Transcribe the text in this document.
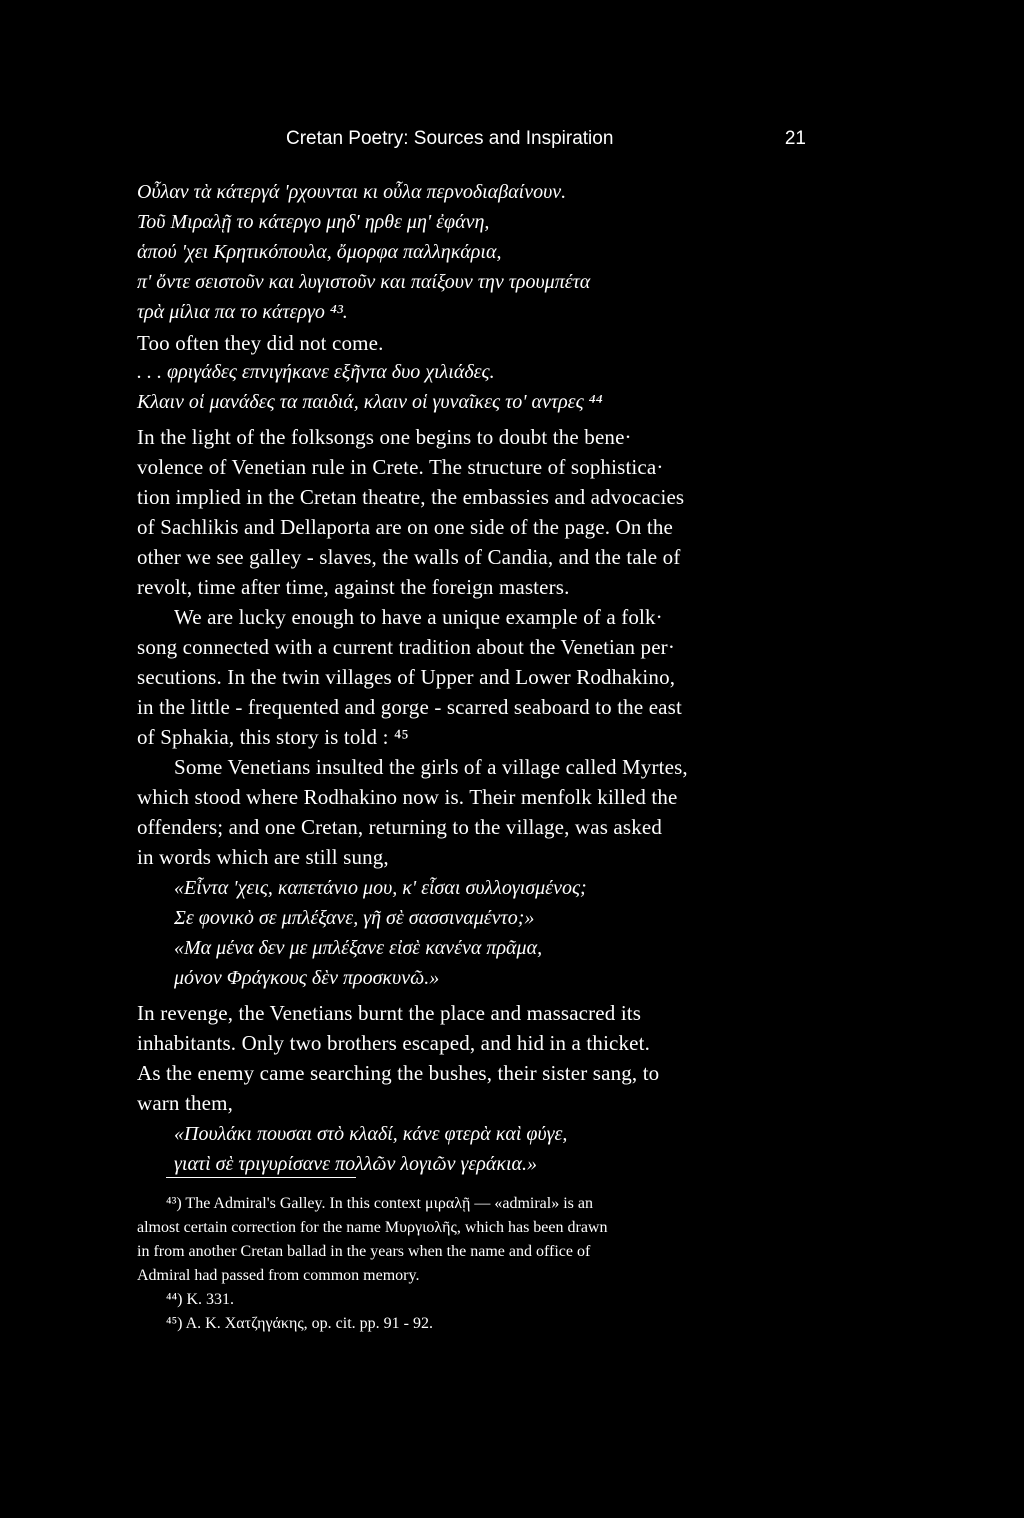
Cretan Poetry: Sources and Inspiration	21
Οὖλαν τὰ κάτεργά 'ρχουνται κι οὖλα περνοδιαβαίνουν.
Τοῦ Μιραλῇ το κάτεργο μηδ' ηρθε μη' ἐφάνη,
ἁπού 'χει Κρητικόπουλα, ὄμορφα παλληκάρια,
π' ὄντε σειστοῦν και λυγιστοῦν και παίξουν την τρουμπέτα
τρὰ μίλια πα το κάτεργο ⁴³.
Too often they did not come.
. . . φριγάδες επνιγήκανε εξῆντα δυο χιλιάδες.
Κλαιν οἱ μανάδες τα παιδιά, κλαιν οἱ γυναῖκες το' αντρες ⁴⁴
In the light of the folksongs one begins to doubt the bene·
volence of Venetian rule in Crete. The structure of sophistica·
tion implied in the Cretan theatre, the embassies and advocacies
of Sachlikis and Dellaporta are on one side of the page. On the
other we see galley - slaves, the walls of Candia, and the tale of
revolt, time after time, against the foreign masters.
We are lucky enough to have a unique example of a folk·
song connected with a current tradition about the Venetian per·
secutions. In the twin villages of Upper and Lower Rodhakino,
in the little - frequented and gorge - scarred seaboard to the east
of Sphakia, this story is told : ⁴⁵
Some Venetians insulted the girls of a village called Myrtes,
which stood where Rodhakino now is. Their menfolk killed the
offenders; and one Cretan, returning to the village, was asked
in words which are still sung,
«Εἶντα 'χεις, καπετάνιο μου, κ' εἶσαι συλλογισμένος;
Σε φονικὸ σε μπλέξανε, γῆ σὲ σασσιναμέντο;»
«Μα μένα δεν με μπλέξανε εἰσὲ κανένα πρᾶμα,
μόνον Φράγκους δὲν προσκυνῶ.»
In revenge, the Venetians burnt the place and massacred its
inhabitants. Only two brothers escaped, and hid in a thicket.
As the enemy came searching the bushes, their sister sang, to
warn them,
«Πουλάκι πουσαι στὸ κλαδί, κάνε φτερὰ καὶ φύγε,
γιατὶ σὲ τριγυρίσανε πολλῶν λογιῶν γεράκια.»
⁴³) The Admiral's Galley. In this context μιραλῇ — «admiral» is an
almost certain correction for the name Μυργιολῆς, which has been drawn
in from another Cretan ballad in the years when the name and office of
Admiral had passed from common memory.
⁴⁴) K. 331.
⁴⁵) A. K. Χατζηγάκης, op. cit. pp. 91 - 92.
